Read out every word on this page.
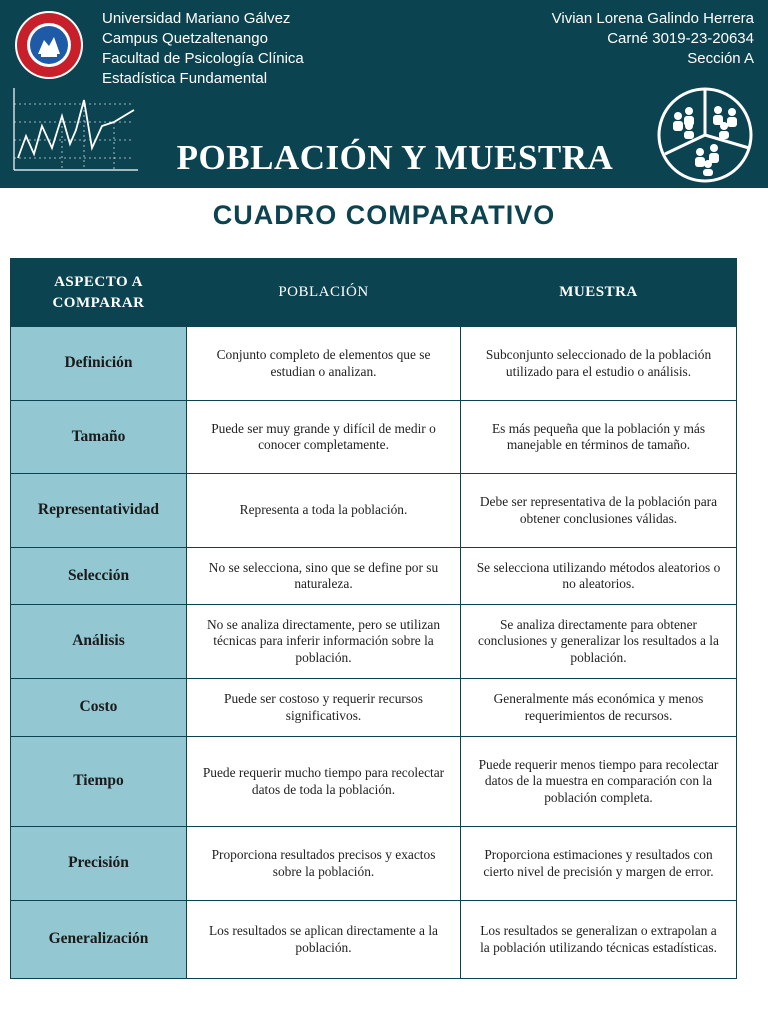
Universidad Mariano Gálvez
Campus Quetzaltenango
Facultad de Psicología Clínica
Estadística Fundamental
Vivian Lorena Galindo Herrera
Carné 3019-23-20634
Sección A
POBLACIÓN Y MUESTRA
CUADRO COMPARATIVO
ASPECTO A
COMPARAR	POBLACIÓN	MUESTRA
Definición	Conjunto completo de elementos que se estudian o analizan.	Subconjunto seleccionado de la población utilizado para el estudio o análisis.
Tamaño	Puede ser muy grande y difícil de medir o conocer completamente.	Es más pequeña que la población y más manejable en términos de tamaño.
Representatividad	Representa a toda la población.	Debe ser representativa de la población para obtener conclusiones válidas.
Selección	No se selecciona, sino que se define por su naturaleza.	Se selecciona utilizando métodos aleatorios o no aleatorios.
Análisis	No se analiza directamente, pero se utilizan técnicas para inferir información sobre la población.	Se analiza directamente para obtener conclusiones y generalizar los resultados a la población.
Costo	Puede ser costoso y requerir recursos significativos.	Generalmente más económica y menos requerimientos de recursos.
Tiempo	Puede requerir mucho tiempo para recolectar datos de toda la población.	Puede requerir menos tiempo para recolectar datos de la muestra en comparación con la población completa.
Precisión	Proporciona resultados precisos y exactos sobre la población.	Proporciona estimaciones y resultados con cierto nivel de precisión y margen de error.
Generalización	Los resultados se aplican directamente a la población.	Los resultados se generalizan o extrapolan a la población utilizando técnicas estadísticas.
